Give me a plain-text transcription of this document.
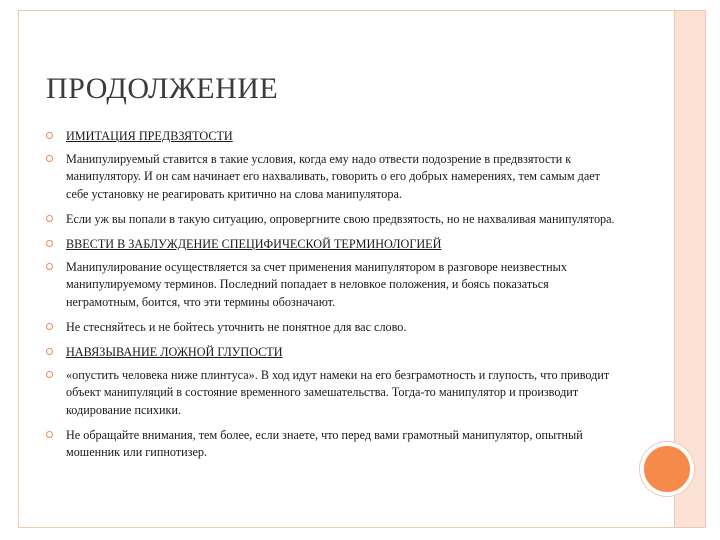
ПРОДОЛЖЕНИЕ
ИМИТАЦИЯ ПРЕДВЗЯТОСТИ
Манипулируемый ставится в такие условия, когда ему надо отвести подозрение в предвзятости к манипулятору. И он сам начинает его нахваливать, говорить о его добрых намерениях, тем самым дает себе установку не реагировать критично на слова манипулятора.
Если уж вы попали в такую ситуацию, опровергните свою предвзятость, но не нахваливая манипулятора.
ВВЕСТИ В ЗАБЛУЖДЕНИЕ СПЕЦИФИЧЕСКОЙ ТЕРМИНОЛОГИЕЙ
Манипулирование осуществляется за счет применения манипулятором в разговоре неизвестных манипулируемому терминов. Последний попадает в неловкое положения, и боясь показаться неграмотным, боится, что эти термины обозначают.
Не стесняйтесь и не бойтесь уточнить не понятное для вас слово.
НАВЯЗЫВАНИЕ ЛОЖНОЙ ГЛУПОСТИ
«опустить человека ниже плинтуса». В ход идут намеки на его безграмотность и глупость, что приводит объект манипуляций в состояние временного замешательства. Тогда-то манипулятор и производит кодирование психики.
Не обращайте внимания, тем более, если знаете, что перед вами грамотный манипулятор, опытный мошенник или гипнотизер.
